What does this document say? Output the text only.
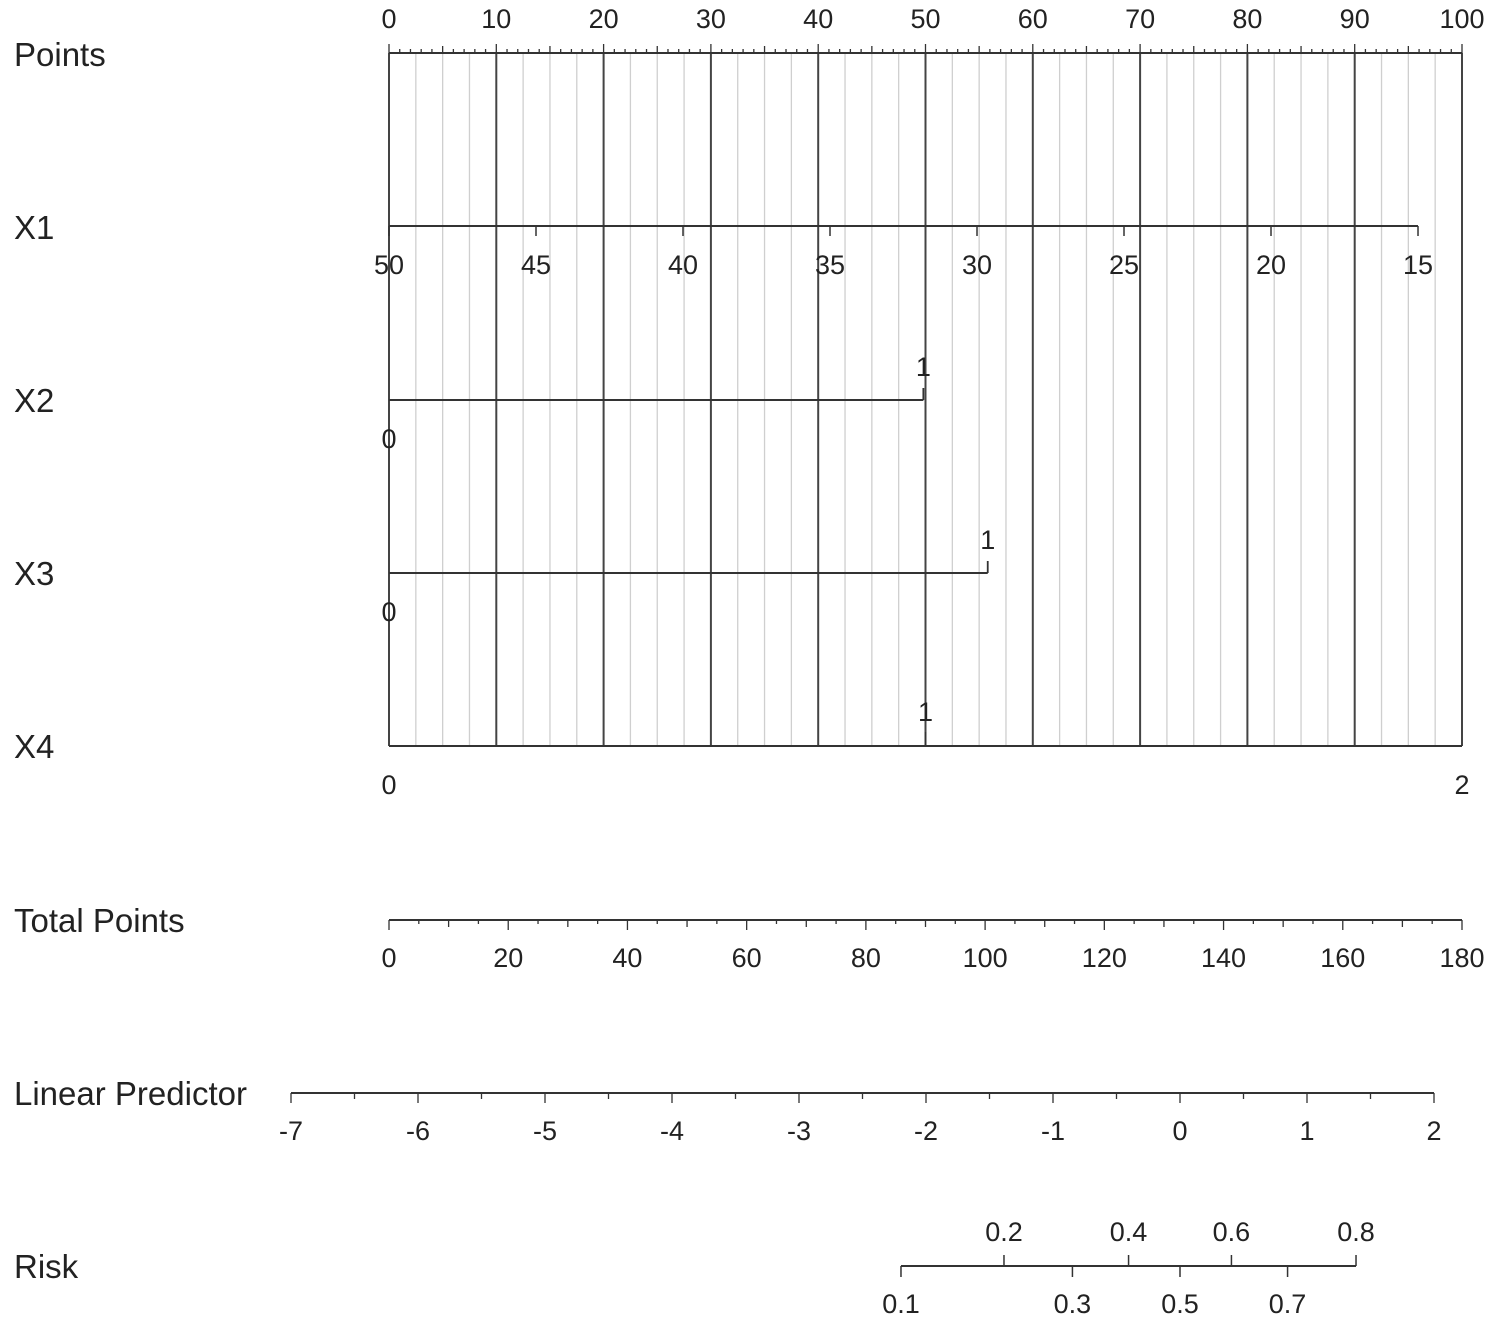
0	10	20	30	40	50	60	70	80	90	100
50	45	40	35	30	25	20	15
1
0
1
0
1
0	2
0	20	40	60	80	100	120	140	160	180
-7	-6	-5	-4	-3	-2	-1	0	1	2
0.1
0.2
0.3
0.4
0.5
0.6
0.7
0.8
Points
X1
X2
X3
X4
Total Points
Linear Predictor
Risk
